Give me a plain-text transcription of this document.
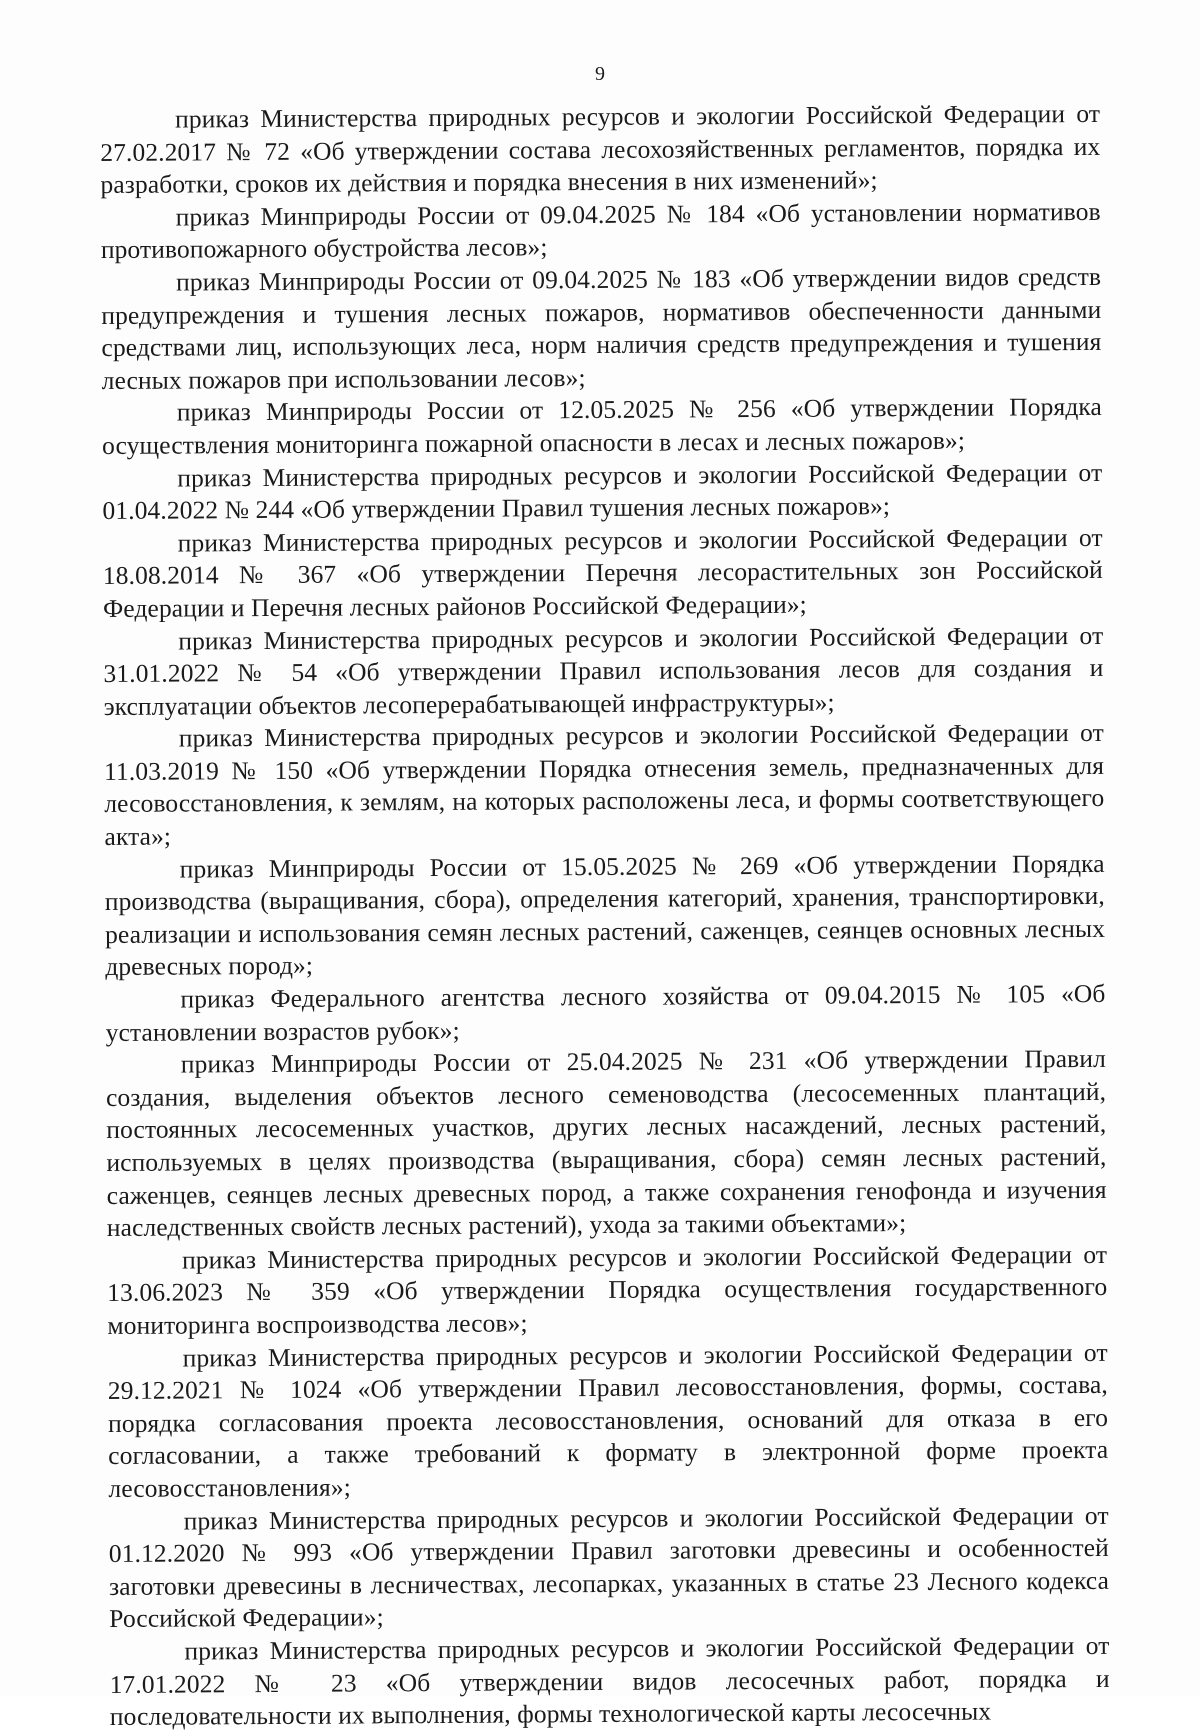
9

приказ Министерства природных ресурсов и экологии Российской Федерации от 27.02.2017 № 72 «Об утверждении состава лесохозяйственных регламентов, порядка их разработки, сроков их действия и порядка внесения в них изменений»;

приказ Минприроды России от 09.04.2025 № 184 «Об установлении нормативов противопожарного обустройства лесов»;

приказ Минприроды России от 09.04.2025 № 183 «Об утверждении видов средств предупреждения и тушения лесных пожаров, нормативов обеспеченности данными средствами лиц, использующих леса, норм наличия средств предупреждения и тушения лесных пожаров при использовании лесов»;

приказ Минприроды России от 12.05.2025 № 256 «Об утверждении Порядка осуществления мониторинга пожарной опасности в лесах и лесных пожаров»;

приказ Министерства природных ресурсов и экологии Российской Федерации от 01.04.2022 № 244 «Об утверждении Правил тушения лесных пожаров»;

приказ Министерства природных ресурсов и экологии Российской Федерации от 18.08.2014 № 367 «Об утверждении Перечня лесорастительных зон Российской Федерации и Перечня лесных районов Российской Федерации»;

приказ Министерства природных ресурсов и экологии Российской Федерации от 31.01.2022 № 54 «Об утверждении Правил использования лесов для создания и эксплуатации объектов лесоперерабатывающей инфраструктуры»;

приказ Министерства природных ресурсов и экологии Российской Федерации от 11.03.2019 № 150 «Об утверждении Порядка отнесения земель, предназначенных для лесовосстановления, к землям, на которых расположены леса, и формы соответствующего акта»;

приказ Минприроды России от 15.05.2025 № 269 «Об утверждении Порядка производства (выращивания, сбора), определения категорий, хранения, транспортировки, реализации и использования семян лесных растений, саженцев, сеянцев основных лесных древесных пород»;

приказ Федерального агентства лесного хозяйства от 09.04.2015 № 105 «Об установлении возрастов рубок»;

приказ Минприроды России от 25.04.2025 № 231 «Об утверждении Правил создания, выделения объектов лесного семеноводства (лесосеменных плантаций, постоянных лесосеменных участков, других лесных насаждений, лесных растений, используемых в целях производства (выращивания, сбора) семян лесных растений, саженцев, сеянцев лесных древесных пород, а также сохранения генофонда и изучения наследственных свойств лесных растений), ухода за такими объектами»;

приказ Министерства природных ресурсов и экологии Российской Федерации от 13.06.2023 № 359 «Об утверждении Порядка осуществления государственного мониторинга воспроизводства лесов»;

приказ Министерства природных ресурсов и экологии Российской Федерации от 29.12.2021 № 1024 «Об утверждении Правил лесовосстановления, формы, состава, порядка согласования проекта лесовосстановления, оснований для отказа в его согласовании, а также требований к формату в электронной форме проекта лесовосстановления»;

приказ Министерства природных ресурсов и экологии Российской Федерации от 01.12.2020 № 993 «Об утверждении Правил заготовки древесины и особенностей заготовки древесины в лесничествах, лесопарках, указанных в статье 23 Лесного кодекса Российской Федерации»;

приказ Министерства природных ресурсов и экологии Российской Федерации от 17.01.2022 № 23 «Об утверждении видов лесосечных работ, порядка и последовательности их выполнения, формы технологической карты лесосечных
